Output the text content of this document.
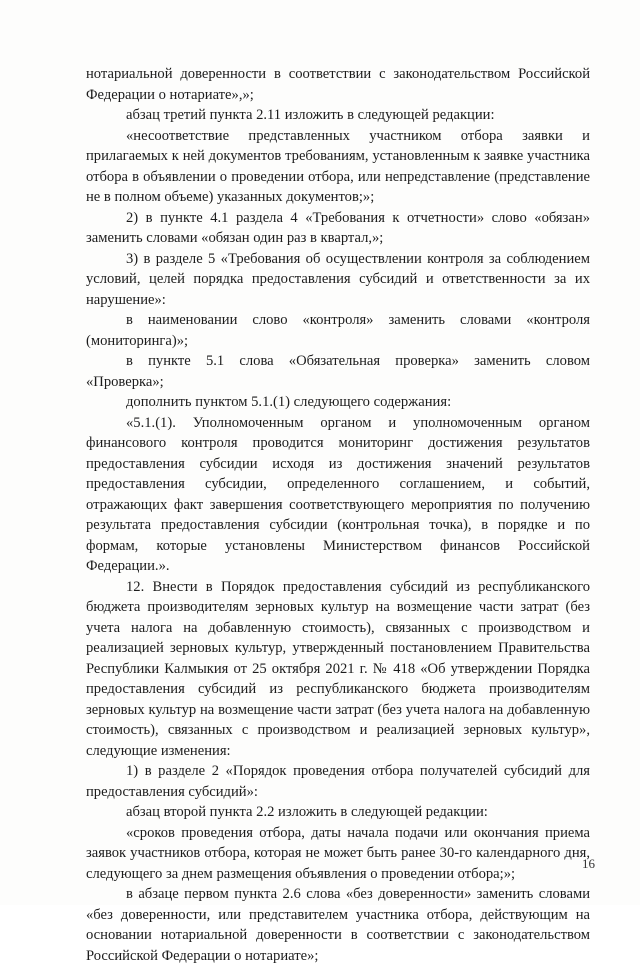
нотариальной доверенности в соответствии с законодательством Российской Федерации о нотариате»,»;

абзац третий пункта 2.11 изложить в следующей редакции:

«несоответствие представленных участником отбора заявки и прилагаемых к ней документов требованиям, установленным к заявке участника отбора в объявлении о проведении отбора, или непредставление (представление не в полном объеме) указанных документов;»;

2) в пункте 4.1 раздела 4 «Требования к отчетности» слово «обязан» заменить словами «обязан один раз в квартал,»;

3) в разделе 5 «Требования об осуществлении контроля за соблюдением условий, целей порядка предоставления субсидий и ответственности за их нарушение»:

в наименовании слово «контроля» заменить словами «контроля (мониторинга)»;

в пункте 5.1 слова «Обязательная проверка» заменить словом «Проверка»;

дополнить пунктом 5.1.(1) следующего содержания:

«5.1.(1). Уполномоченным органом и уполномоченным органом финансового контроля проводится мониторинг достижения результатов предоставления субсидии исходя из достижения значений результатов предоставления субсидии, определенного соглашением, и событий, отражающих факт завершения соответствующего мероприятия по получению результата предоставления субсидии (контрольная точка), в порядке и по формам, которые установлены Министерством финансов Российской Федерации.».

12. Внести в Порядок предоставления субсидий из республиканского бюджета производителям зерновых культур на возмещение части затрат (без учета налога на добавленную стоимость), связанных с производством и реализацией зерновых культур, утвержденный постановлением Правительства Республики Калмыкия от 25 октября 2021 г. № 418 «Об утверждении Порядка предоставления субсидий из республиканского бюджета производителям зерновых культур на возмещение части затрат (без учета налога на добавленную стоимость), связанных с производством и реализацией зерновых культур», следующие изменения:

1) в разделе 2 «Порядок проведения отбора получателей субсидий для предоставления субсидий»:

абзац второй пункта 2.2 изложить в следующей редакции:

«сроков проведения отбора, даты начала подачи или окончания приема заявок участников отбора, которая не может быть ранее 30-го календарного дня, следующего за днем размещения объявления о проведении отбора;»;

в абзаце первом пункта 2.6 слова «без доверенности» заменить словами «без доверенности, или представителем участника отбора, действующим на основании нотариальной доверенности в соответствии с законодательством Российской Федерации о нотариате»;

16
